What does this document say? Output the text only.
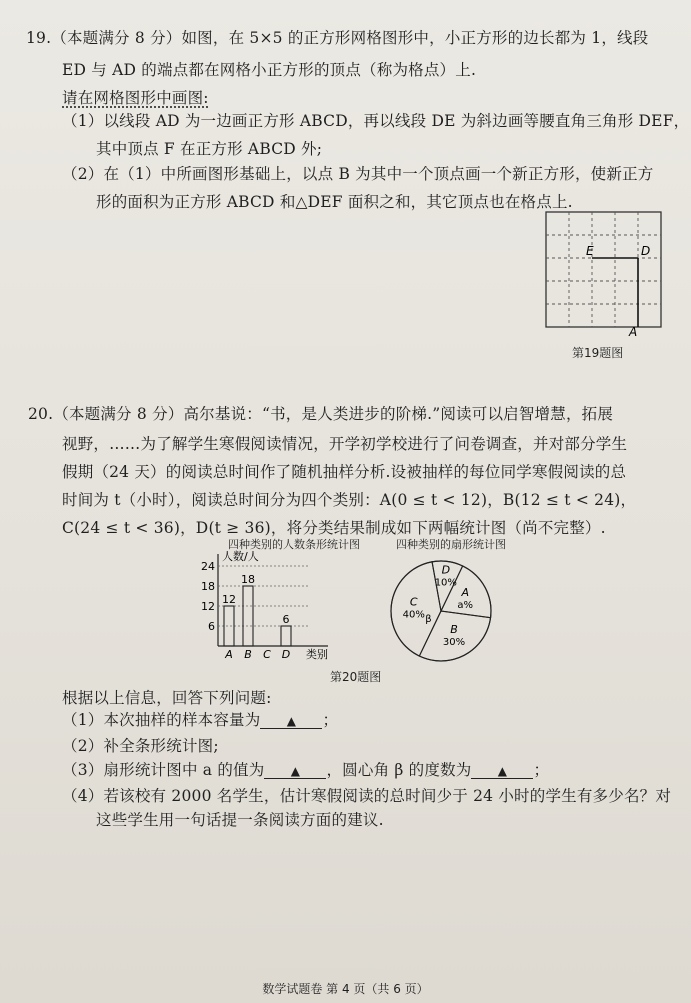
19.（本题满分 8 分）如图，在 5×5 的正方形网格图形中，小正方形的边长都为 1，线段
ED 与 AD 的端点都在网格小正方形的顶点（称为格点）上.
请在网格图形中画图:
（1）以线段 AD 为一边画正方形 ABCD，再以线段 DE 为斜边画等腰直角三角形 DEF，
其中顶点 F 在正方形 ABCD 外;
（2）在（1）中所画图形基础上，以点 B 为其中一个顶点画一个新正方形，使新正方
形的面积为正方形 ABCD 和△DEF 面积之和，其它顶点也在格点上.
E	D
A
第19题图
20.（本题满分 8 分）高尔基说：“书，是人类进步的阶梯.”阅读可以启智增慧，拓展
视野，……为了解学生寒假阅读情况，开学初学校进行了问卷调查，并对部分学生
假期（24 天）的阅读总时间作了随机抽样分析.设被抽样的每位同学寒假阅读的总
时间为 t（小时），阅读总时间分为四个类别：A(0 ≤ t < 12)，B(12 ≤ t < 24)，
C(24 ≤ t < 36)，D(t ≥ 36)，将分类结果制成如下两幅统计图（尚不完整）.
四种类别的人数条形统计图
人数/人
6
12
18
24
12
A
18
B C
6
D 类别
四种类别的扇形统计图
D
10%
A
a%
B
30%
C
40% β
第20题图
根据以上信息，回答下列问题:
（1）本次抽样的样本容量为 ▲ ；
（2）补全条形统计图;
（3）扇形统计图中 a 的值为 ▲ ，圆心角 β 的度数为 ▲ ；
（4）若该校有 2000 名学生，估计寒假阅读的总时间少于 24 小时的学生有多少名？对
这些学生用一句话提一条阅读方面的建议.
数学试题卷 第 4 页（共 6 页）
